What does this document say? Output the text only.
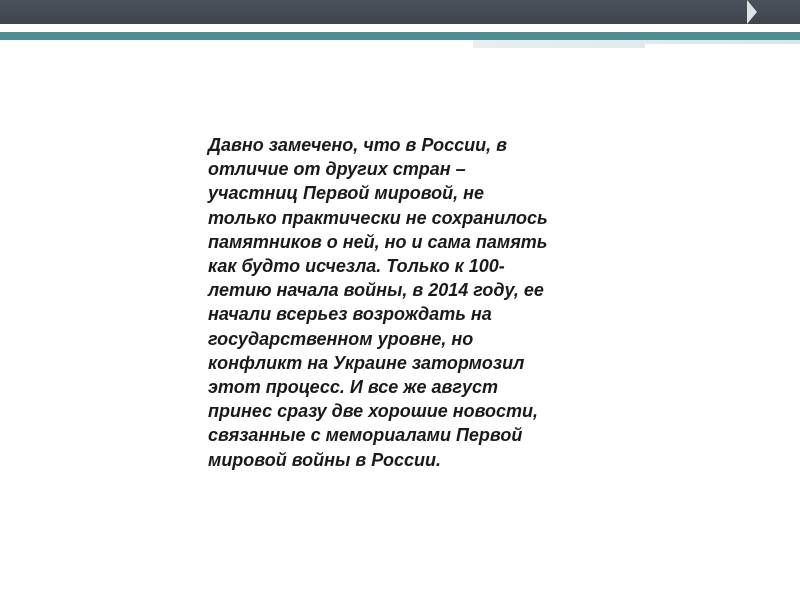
Давно замечено, что в России, в
отличие от других стран –
участниц Первой мировой, не
только практически не сохранилось
памятников о ней, но и сама память
как будто исчезла. Только к 100-
летию начала войны, в 2014 году, ее
начали всерьез возрождать на
государственном уровне, но
конфликт на Украине затормозил
этот процесс. И все же август
принес сразу две хорошие новости,
связанные с мемориалами Первой
мировой войны в России.
